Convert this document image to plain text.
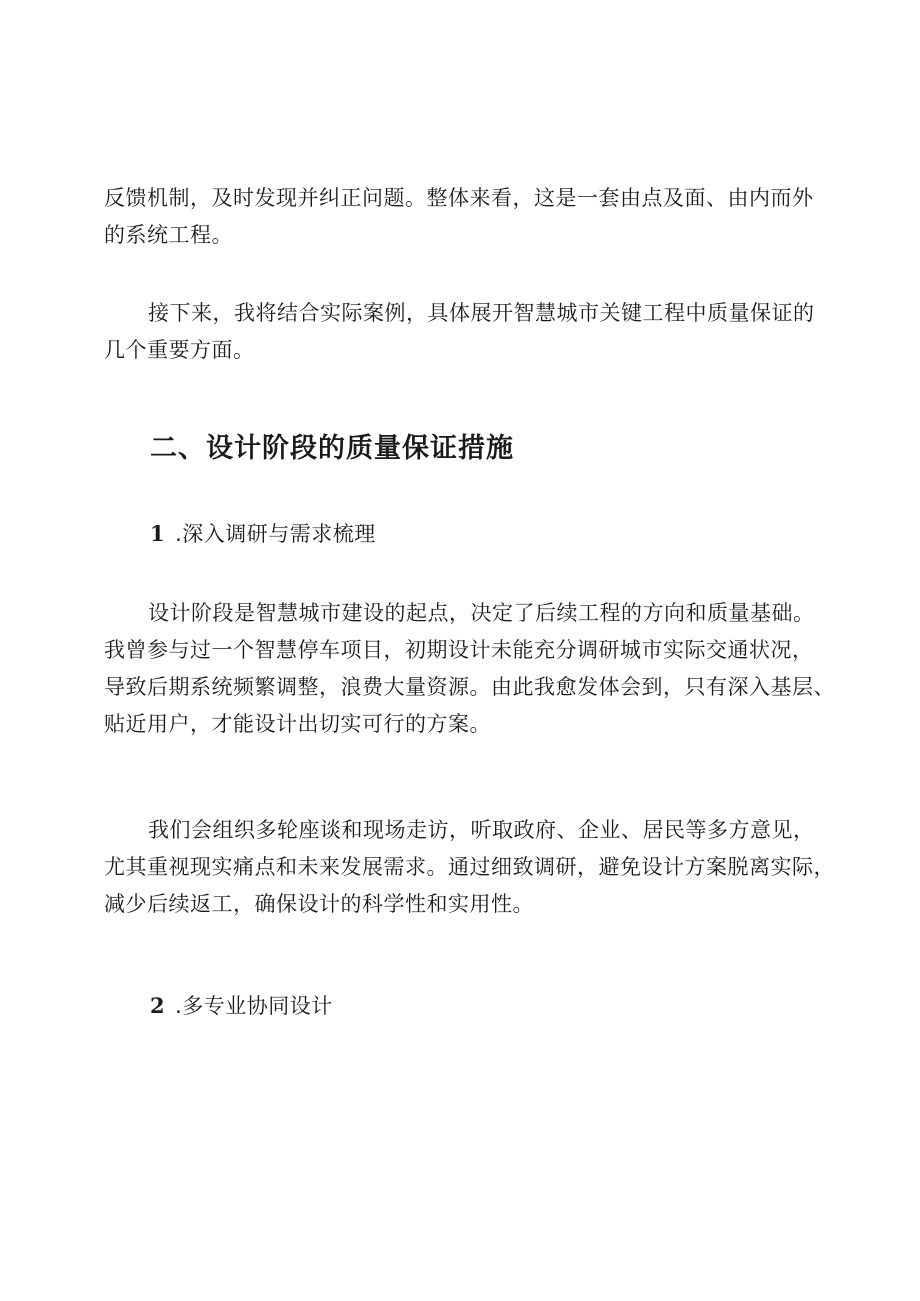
反馈机制，及时发现并纠正问题。整体来看，这是一套由点及面、由内而外
的系统工程。

接下来，我将结合实际案例，具体展开智慧城市关键工程中质量保证的
几个重要方面。

二、设计阶段的质量保证措施
1 .深入调研与需求梳理

设计阶段是智慧城市建设的起点，决定了后续工程的方向和质量基础。
我曾参与过一个智慧停车项目，初期设计未能充分调研城市实际交通状况，
导致后期系统频繁调整，浪费大量资源。由此我愈发体会到，只有深入基层、
贴近用户，才能设计出切实可行的方案。

我们会组织多轮座谈和现场走访，听取政府、企业、居民等多方意见，
尤其重视现实痛点和未来发展需求。通过细致调研，避免设计方案脱离实际，
减少后续返工，确保设计的科学性和实用性。

2 .多专业协同设计
